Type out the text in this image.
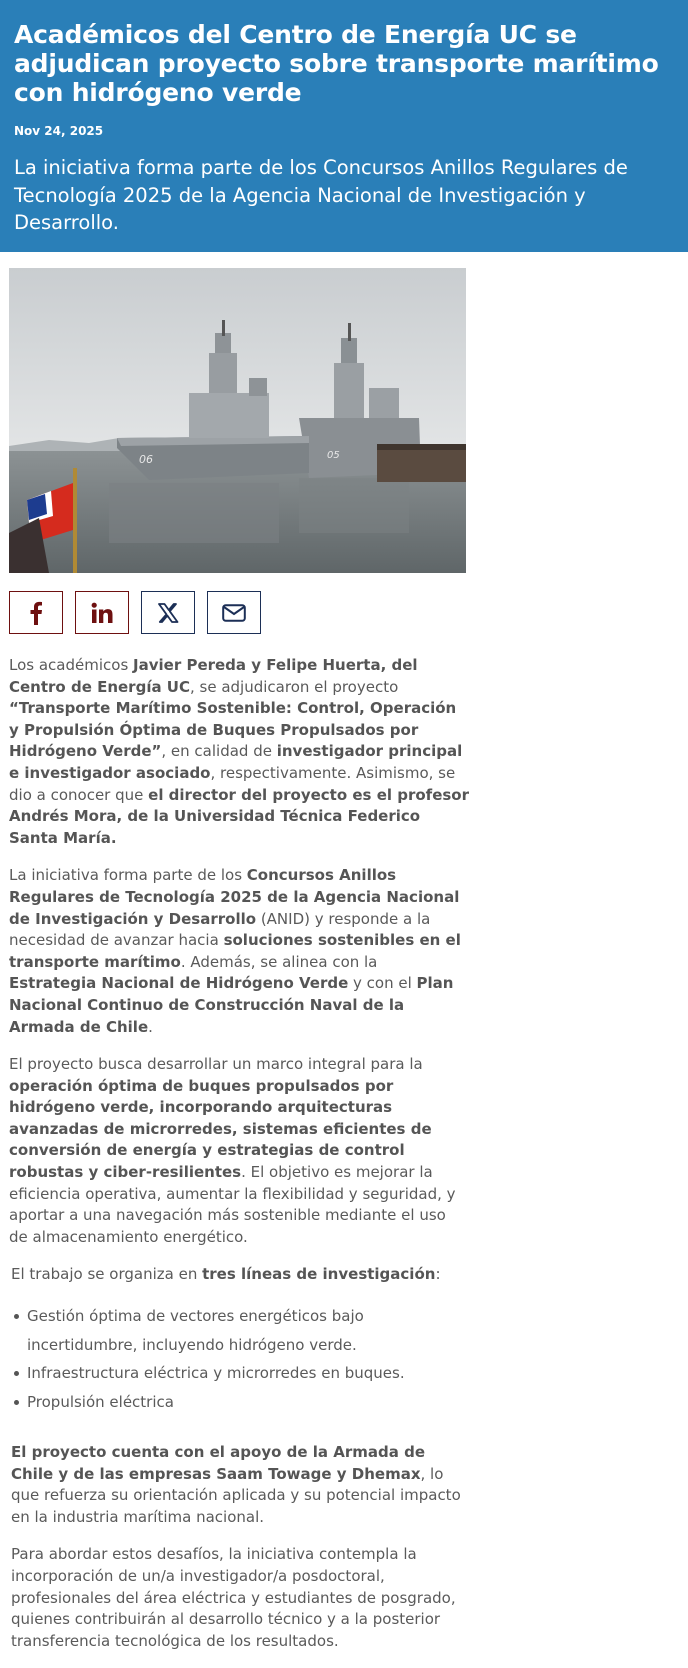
Académicos del Centro de Energía UC se adjudican proyecto sobre transporte marítimo con hidrógeno verde
Nov 24, 2025

La iniciativa forma parte de los Concursos Anillos Regulares de Tecnología 2025 de la Agencia Nacional de Investigación y Desarrollo.

06	05

Los académicos Javier Pereda y Felipe Huerta, del Centro de Energía UC, se adjudicaron el proyecto “Transporte Marítimo Sostenible: Control, Operación y Propulsión Óptima de Buques Propulsados por Hidrógeno Verde”, en calidad de investigador principal e investigador asociado, respectivamente. Asimismo, se dio a conocer que el director del proyecto es el profesor Andrés Mora, de la Universidad Técnica Federico Santa María.

La iniciativa forma parte de los Concursos Anillos Regulares de Tecnología 2025 de la Agencia Nacional de Investigación y Desarrollo (ANID) y responde a la necesidad de avanzar hacia soluciones sostenibles en el transporte marítimo. Además, se alinea con la Estrategia Nacional de Hidrógeno Verde y con el Plan Nacional Continuo de Construcción Naval de la Armada de Chile.

El proyecto busca desarrollar un marco integral para la operación óptima de buques propulsados por hidrógeno verde, incorporando arquitecturas avanzadas de microrredes, sistemas eficientes de conversión de energía y estrategias de control robustas y ciber-resilientes. El objetivo es mejorar la eficiencia operativa, aumentar la flexibilidad y seguridad, y aportar a una navegación más sostenible mediante el uso de almacenamiento energético.

El trabajo se organiza en tres líneas de investigación:

Gestión óptima de vectores energéticos bajo incertidumbre, incluyendo hidrógeno verde.
Infraestructura eléctrica y microrredes en buques.
Propulsión eléctrica

El proyecto cuenta con el apoyo de la Armada de Chile y de las empresas Saam Towage y Dhemax, lo que refuerza su orientación aplicada y su potencial impacto en la industria marítima nacional.

Para abordar estos desafíos, la iniciativa contempla la incorporación de un/a investigador/a posdoctoral, profesionales del área eléctrica y estudiantes de posgrado, quienes contribuirán al desarrollo técnico y a la posterior transferencia tecnológica de los resultados.
